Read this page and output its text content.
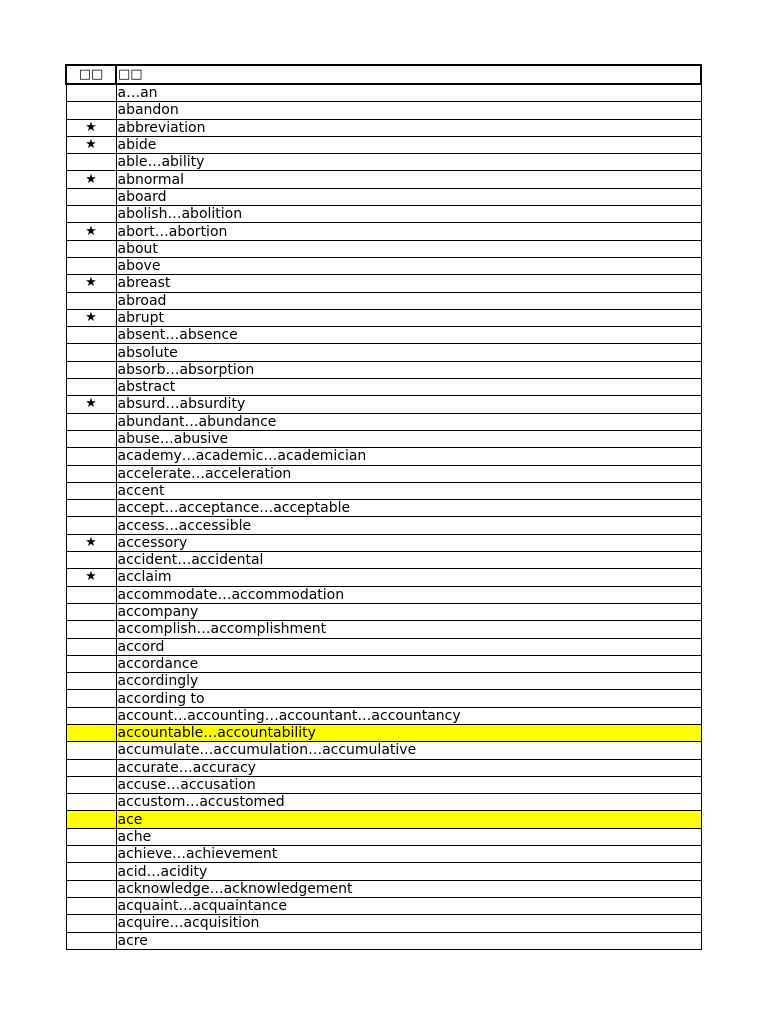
□□	□□
	a…an
	abandon
★	abbreviation
★	abide
	able…ability
★	abnormal
	aboard
	abolish…abolition
★	abort…abortion
	about
	above
★	abreast
	abroad
★	abrupt
	absent…absence
	absolute
	absorb…absorption
	abstract
★	absurd…absurdity
	abundant…abundance
	abuse…abusive
	academy…academic…academician
	accelerate…acceleration
	accent
	accept…acceptance…acceptable
	access…accessible
★	accessory
	accident…accidental
★	acclaim
	accommodate…accommodation
	accompany
	accomplish…accomplishment
	accord
	accordance
	accordingly
	according to
	account…accounting…accountant…accountancy
	accountable…accountability
	accumulate…accumulation…accumulative
	accurate…accuracy
	accuse…accusation
	accustom…accustomed
	ace
	ache
	achieve…achievement
	acid…acidity
	acknowledge…acknowledgement
	acquaint…acquaintance
	acquire…acquisition
	acre
